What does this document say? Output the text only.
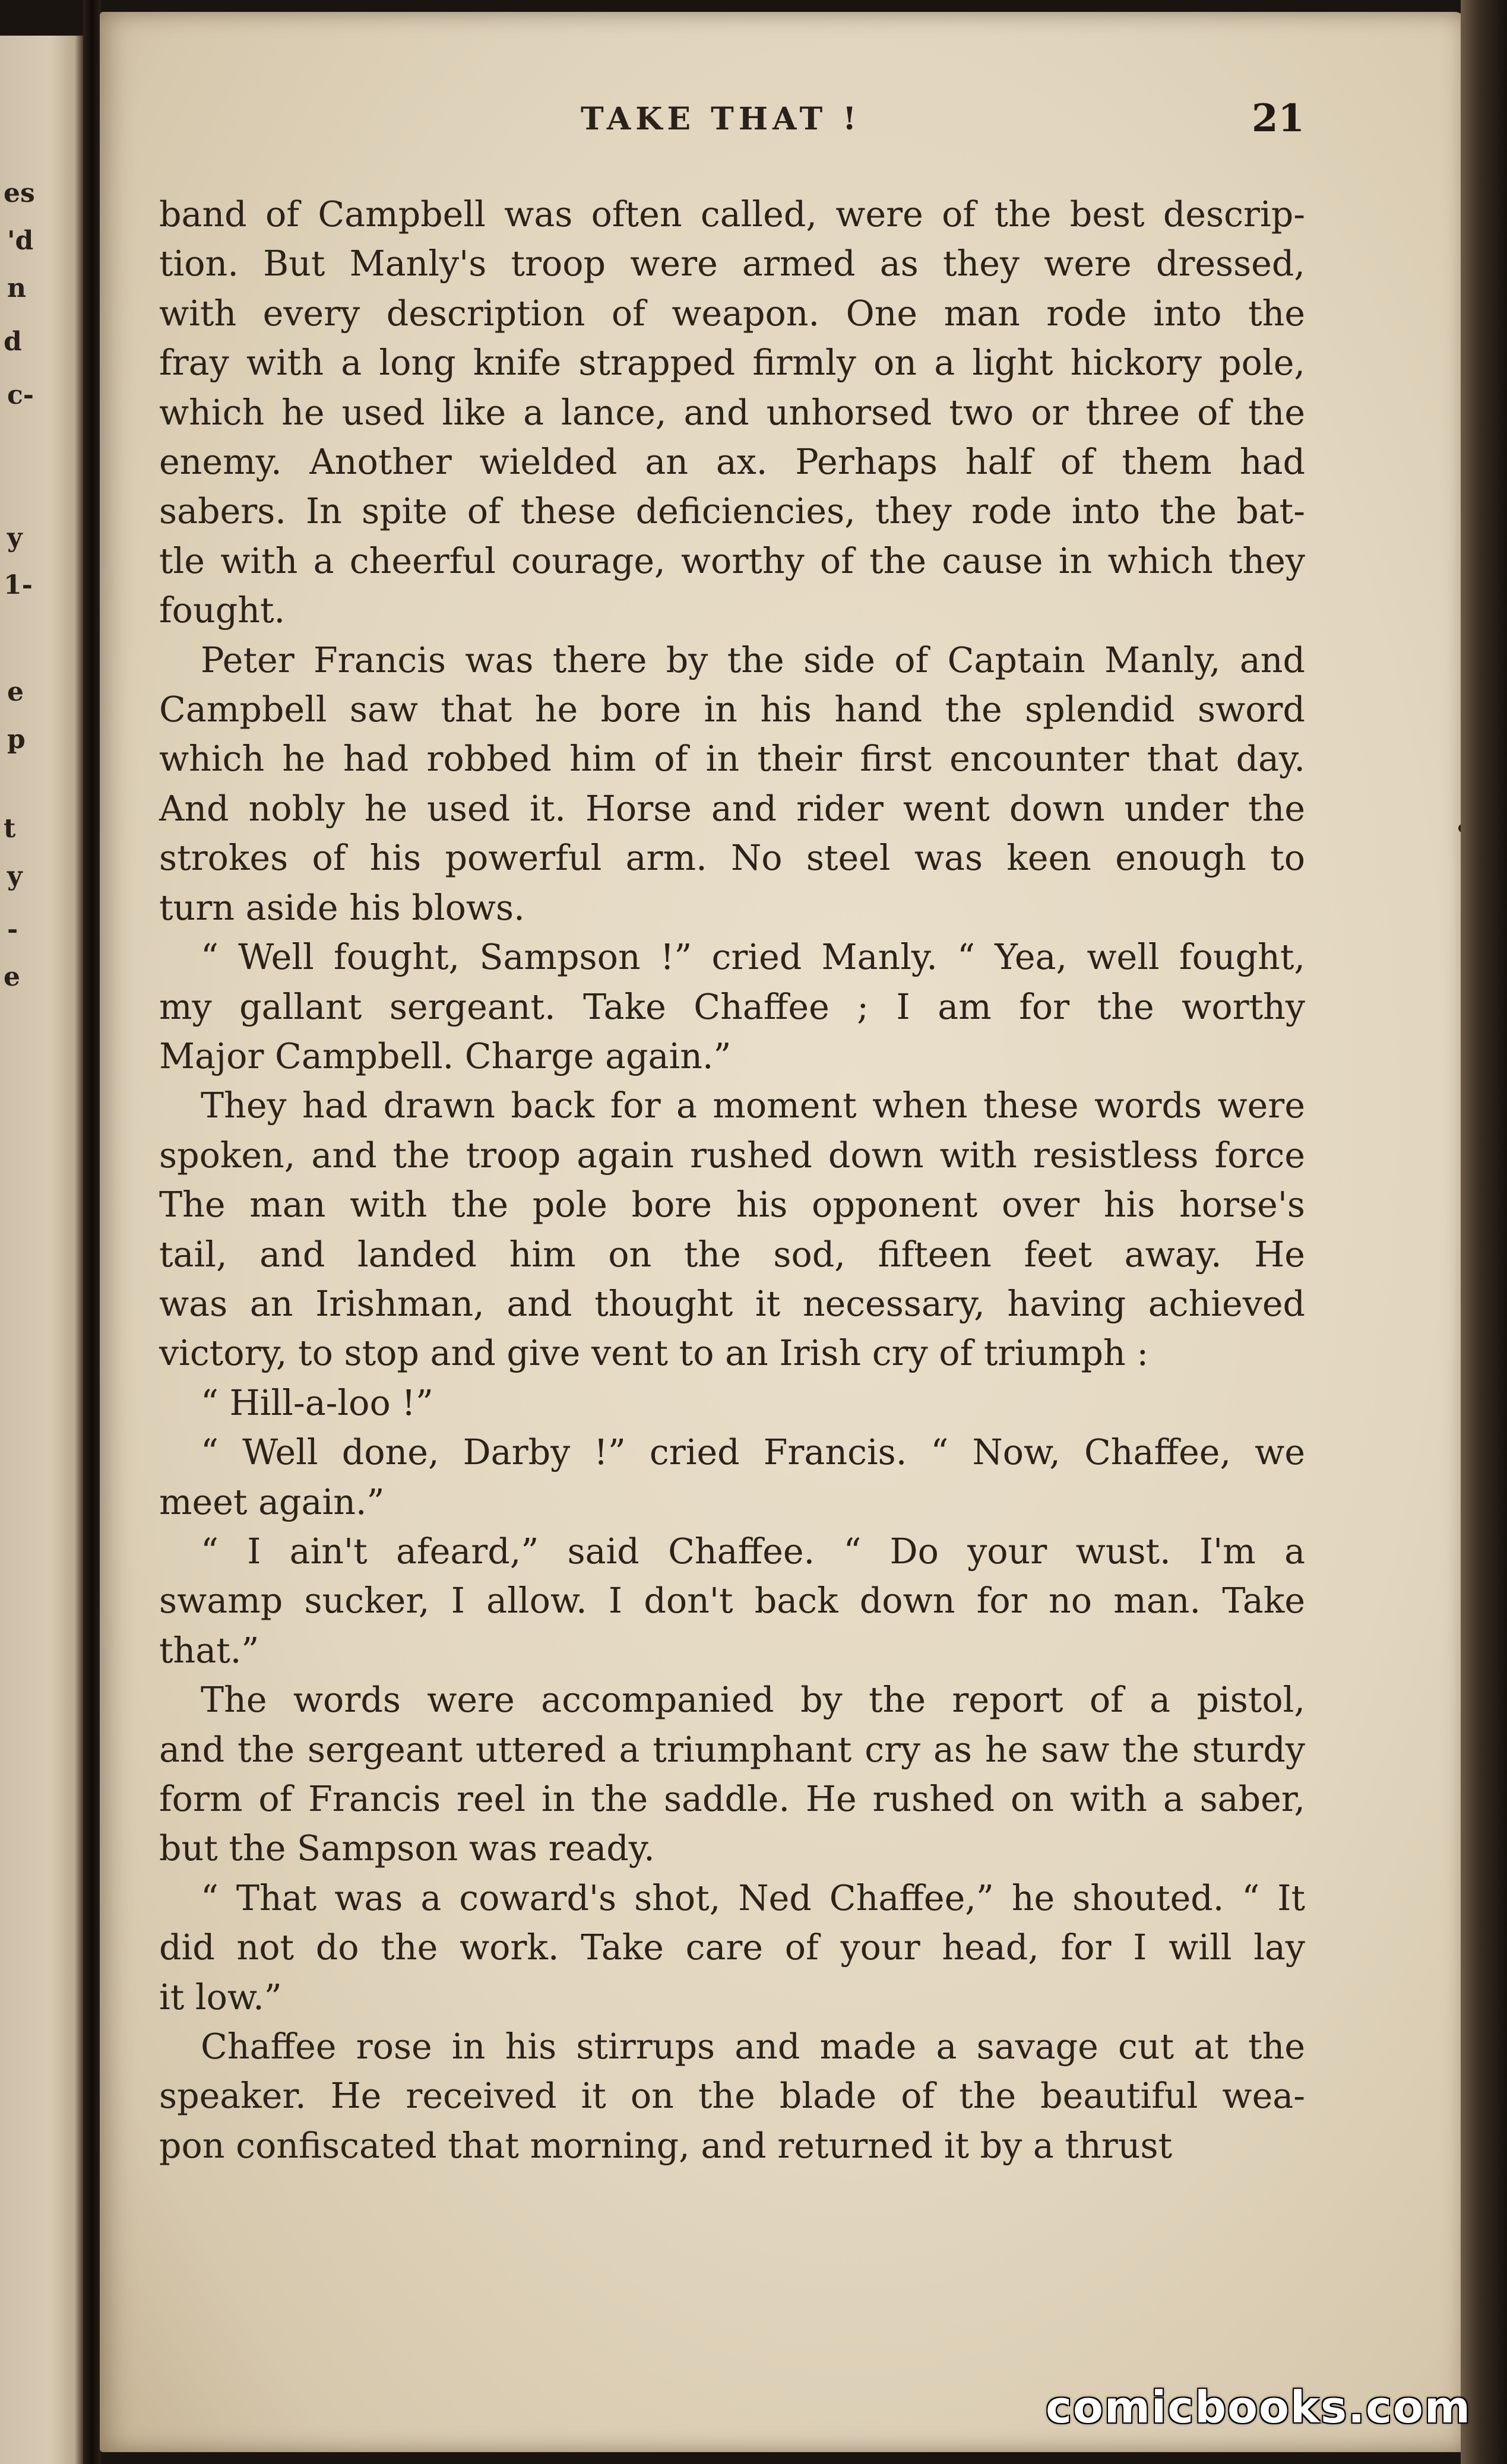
es
'd
n
d
c-
y
1-
e
p
t
y
-
e
TAKE THAT !	21
band of Campbell was often called, were of the best descrip-
tion. But Manly's troop were armed as they were dressed,
with every description of weapon. One man rode into the
fray with a long knife strapped firmly on a light hickory pole,
which he used like a lance, and unhorsed two or three of the
enemy. Another wielded an ax. Perhaps half of them had
sabers. In spite of these deficiencies, they rode into the bat-
tle with a cheerful courage, worthy of the cause in which they
fought.
Peter Francis was there by the side of Captain Manly, and
Campbell saw that he bore in his hand the splendid sword
which he had robbed him of in their first encounter that day.
And nobly he used it. Horse and rider went down under the
strokes of his powerful arm. No steel was keen enough to
turn aside his blows.
“ Well fought, Sampson !” cried Manly. “ Yea, well fought,
my gallant sergeant. Take Chaffee ; I am for the worthy
Major Campbell. Charge again.”
They had drawn back for a moment when these words were
spoken, and the troop again rushed down with resistless force
The man with the pole bore his opponent over his horse's
tail, and landed him on the sod, fifteen feet away. He
was an Irishman, and thought it necessary, having achieved
victory, to stop and give vent to an Irish cry of triumph :
“ Hill-a-loo !”
“ Well done, Darby !” cried Francis. “ Now, Chaffee, we
meet again.”
“ I ain't afeard,” said Chaffee. “ Do your wust. I'm a
swamp sucker, I allow. I don't back down for no man. Take
that.”
The words were accompanied by the report of a pistol,
and the sergeant uttered a triumphant cry as he saw the sturdy
form of Francis reel in the saddle. He rushed on with a saber,
but the Sampson was ready.
“ That was a coward's shot, Ned Chaffee,” he shouted. “ It
did not do the work. Take care of your head, for I will lay
it low.”
Chaffee rose in his stirrups and made a savage cut at the
speaker. He received it on the blade of the beautiful wea-
pon confiscated that morning, and returned it by a thrust
comicbooks.com
